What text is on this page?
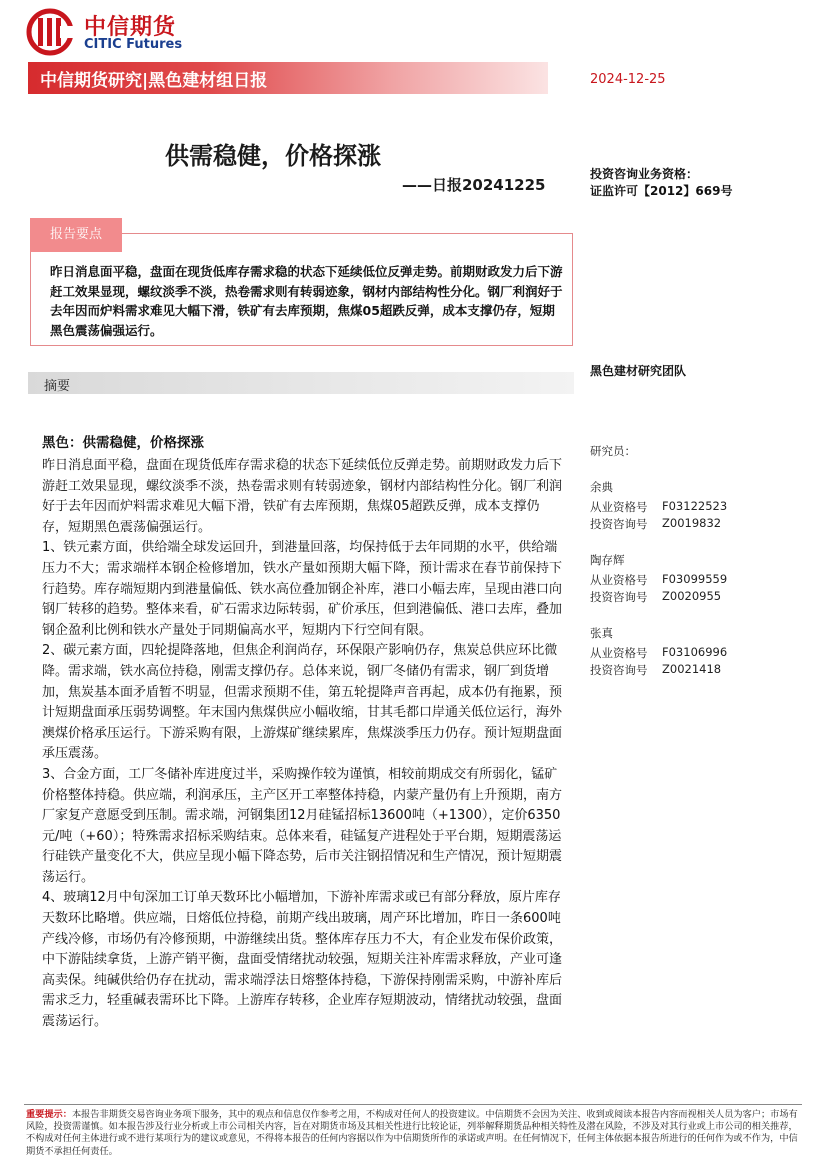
中信期货
CITIC Futures
中信期货研究|黑色建材组日报	2024-12-25
供需稳健，价格探涨
——日报20241225
投资咨询业务资格：
证监许可【2012】669号
报告要点
昨日消息面平稳，盘面在现货低库存需求稳的状态下延续低位反弹走势。前期财政发力后下游赶工效果显现，螺纹淡季不淡，热卷需求则有转弱迹象，钢材内部结构性分化。钢厂利润好于去年因而炉料需求难见大幅下滑，铁矿有去库预期，焦煤05超跌反弹，成本支撑仍存，短期黑色震荡偏强运行。
摘要
黑色建材研究团队
研究员：
余典
从业资格号 F03122523
投资咨询号 Z0019832
陶存辉
从业资格号 F03099559
投资咨询号 Z0020955
张真
从业资格号 F03106996
投资咨询号 Z0021418
黑色：供需稳健，价格探涨

昨日消息面平稳，盘面在现货低库存需求稳的状态下延续低位反弹走势。前期财政发力后下游赶工效果显现，螺纹淡季不淡，热卷需求则有转弱迹象，钢材内部结构性分化。钢厂利润好于去年因而炉料需求难见大幅下滑，铁矿有去库预期，焦煤05超跌反弹，成本支撑仍存，短期黑色震荡偏强运行。

1、铁元素方面，供给端全球发运回升，到港量回落，均保持低于去年同期的水平，供给端压力不大；需求端样本钢企检修增加，铁水产量如预期大幅下降，预计需求在春节前保持下行趋势。库存端短期内到港量偏低、铁水高位叠加钢企补库，港口小幅去库，呈现由港口向钢厂转移的趋势。整体来看，矿石需求边际转弱，矿价承压，但到港偏低、港口去库，叠加钢企盈利比例和铁水产量处于同期偏高水平，短期内下行空间有限。

2、碳元素方面，四轮提降落地，但焦企利润尚存，环保限产影响仍存，焦炭总供应环比微降。需求端，铁水高位持稳，刚需支撑仍存。总体来说，钢厂冬储仍有需求，钢厂到货增加，焦炭基本面矛盾暂不明显，但需求预期不佳，第五轮提降声音再起，成本仍有拖累，预计短期盘面承压弱势调整。年末国内焦煤供应小幅收缩，甘其毛都口岸通关低位运行，海外澳煤价格承压运行。下游采购有限，上游煤矿继续累库，焦煤淡季压力仍存。预计短期盘面承压震荡。

3、合金方面，工厂冬储补库进度过半，采购操作较为谨慎，相较前期成交有所弱化，锰矿价格整体持稳。供应端，利润承压，主产区开工率整体持稳，内蒙产量仍有上升预期，南方厂家复产意愿受到压制。需求端，河钢集团12月硅锰招标13600吨（+1300），定价6350元/吨（+60）；特殊需求招标采购结束。总体来看，硅锰复产进程处于平台期，短期震荡运行硅铁产量变化不大，供应呈现小幅下降态势，后市关注钢招情况和生产情况，预计短期震荡运行。

4、玻璃12月中旬深加工订单天数环比小幅增加，下游补库需求或已有部分释放，原片库存天数环比略增。供应端，日熔低位持稳，前期产线出玻璃，周产环比增加，昨日一条600吨产线冷修，市场仍有冷修预期，中游继续出货。整体库存压力不大，有企业发布保价政策，中下游陆续拿货，上游产销平衡，盘面受情绪扰动较强，短期关注补库需求释放，产业可逢高卖保。纯碱供给仍存在扰动，需求端浮法日熔整体持稳，下游保持刚需采购，中游补库后需求乏力，轻重碱表需环比下降。上游库存转移，企业库存短期波动，情绪扰动较强，盘面震荡运行。

重要提示：本报告非期货交易咨询业务项下服务，其中的观点和信息仅作参考之用，不构成对任何人的投资建议。中信期货不会因为关注、收到或阅读本报告内容而视相关人员为客户；市场有风险，投资需谨慎。如本报告涉及行业分析或上市公司相关内容，旨在对期货市场及其相关性进行比较论证，列举解释期货品种相关特性及潜在风险，不涉及对其行业或上市公司的相关推荐，不构成对任何主体进行或不进行某项行为的建议或意见，不得将本报告的任何内容据以作为中信期货所作的承诺或声明。在任何情况下，任何主体依据本报告所进行的任何作为或不作为，中信期货不承担任何责任。
